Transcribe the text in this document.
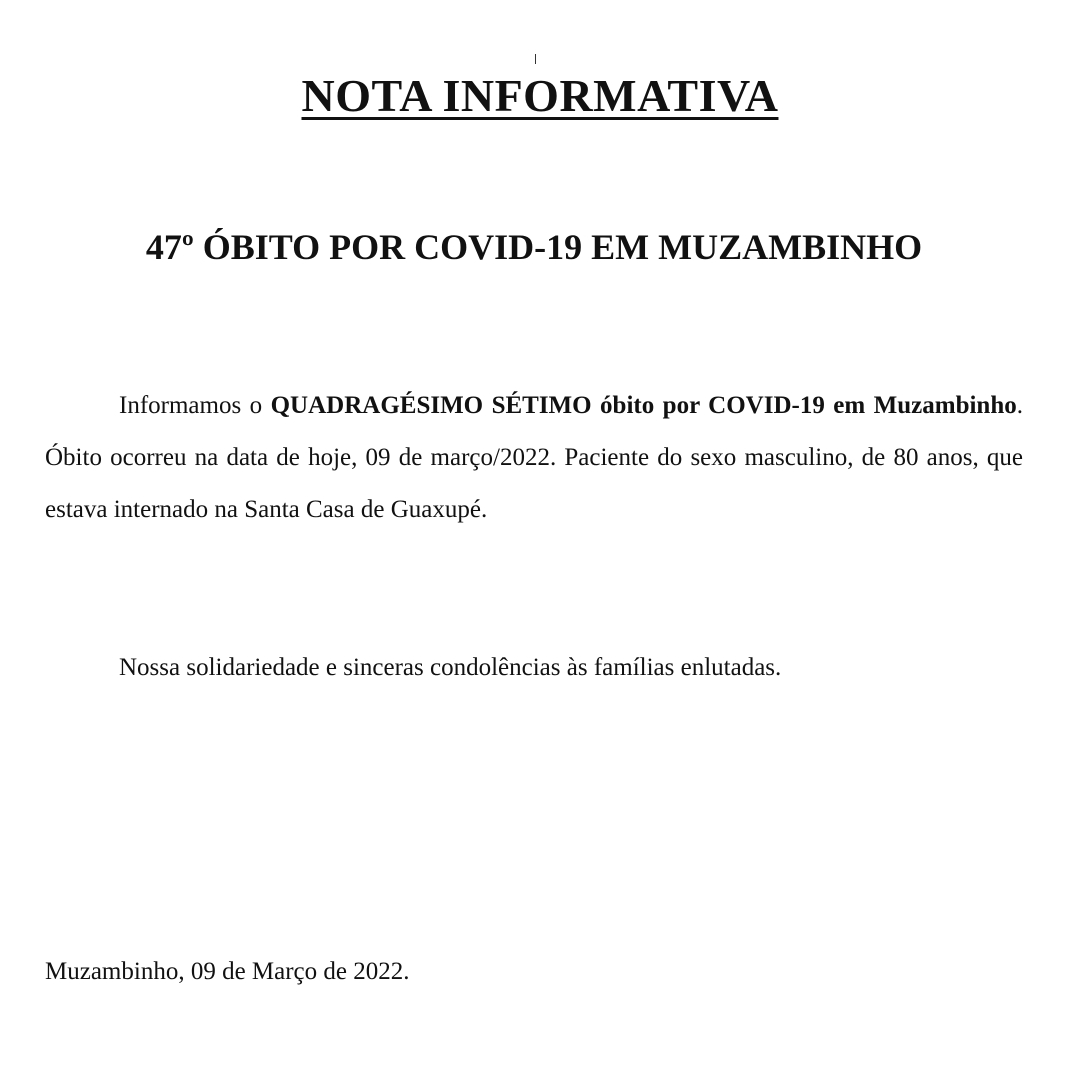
NOTA INFORMATIVA
47º ÓBITO POR COVID-19 EM MUZAMBINHO
Informamos o QUADRAGÉSIMO SÉTIMO óbito por COVID-19 em Muzambinho. Óbito ocorreu na data de hoje, 09 de março/2022. Paciente do sexo masculino, de 80 anos, que estava internado na Santa Casa de Guaxupé.
Nossa solidariedade e sinceras condolências às famílias enlutadas.
Muzambinho, 09 de Março de 2022.
